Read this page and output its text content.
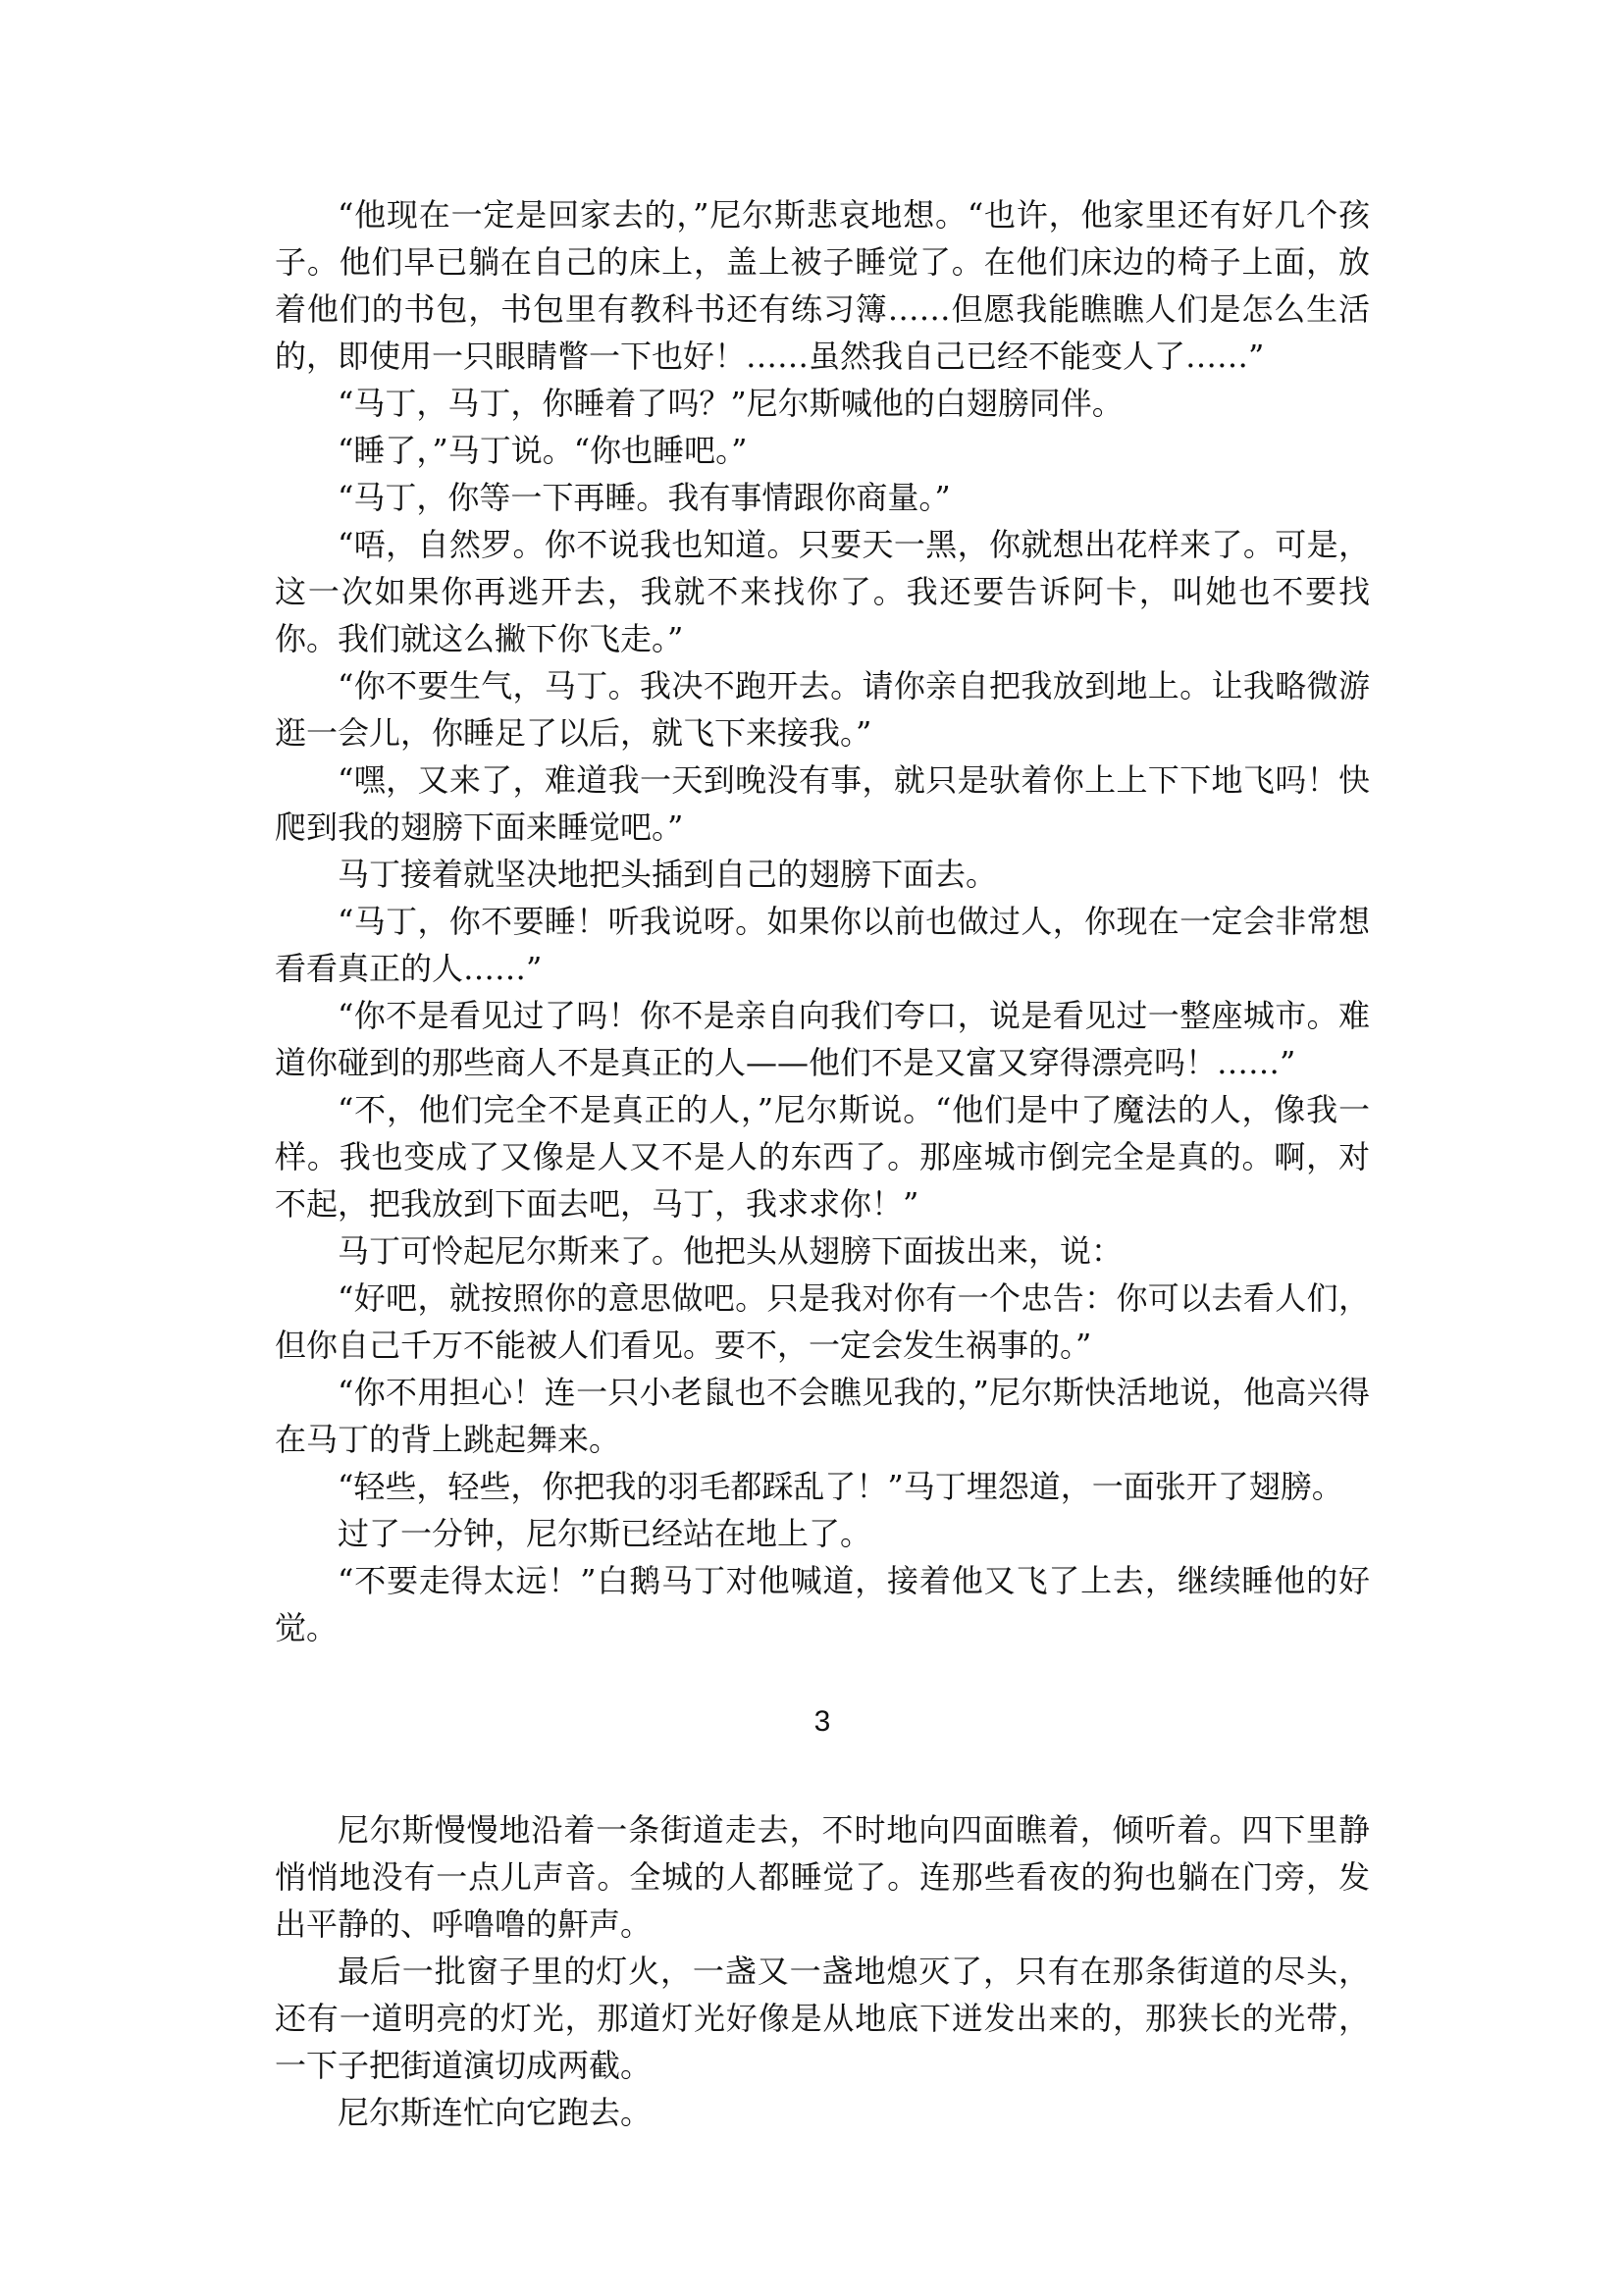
“他现在一定是回家去的，”尼尔斯悲哀地想。“也许，他家里还有好几个孩子。他们早已躺在自己的床上，盖上被子睡觉了。在他们床边的椅子上面，放着他们的书包，书包里有教科书还有练习簿……但愿我能瞧瞧人们是怎么生活的，即使用一只眼睛瞥一下也好！……虽然我自己已经不能变人了……”

“马丁，马丁，你睡着了吗？”尼尔斯喊他的白翅膀同伴。

“睡了，”马丁说。“你也睡吧。”

“马丁，你等一下再睡。我有事情跟你商量。”

“唔，自然罗。你不说我也知道。只要天一黑，你就想出花样来了。可是，这一次如果你再逃开去，我就不来找你了。我还要告诉阿卡，叫她也不要找你。我们就这么撇下你飞走。”

“你不要生气，马丁。我决不跑开去。请你亲自把我放到地上。让我略微游逛一会儿，你睡足了以后，就飞下来接我。”

“嘿，又来了，难道我一天到晚没有事，就只是驮着你上上下下地飞吗！快爬到我的翅膀下面来睡觉吧。”

马丁接着就坚决地把头插到自己的翅膀下面去。

“马丁，你不要睡！听我说呀。如果你以前也做过人，你现在一定会非常想看看真正的人……”

“你不是看见过了吗！你不是亲自向我们夸口，说是看见过一整座城市。难道你碰到的那些商人不是真正的人——他们不是又富又穿得漂亮吗！……”

“不，他们完全不是真正的人，”尼尔斯说。“他们是中了魔法的人，像我一样。我也变成了又像是人又不是人的东西了。那座城市倒完全是真的。啊，对不起，把我放到下面去吧，马丁，我求求你！”

马丁可怜起尼尔斯来了。他把头从翅膀下面拔出来，说：

“好吧，就按照你的意思做吧。只是我对你有一个忠告：你可以去看人们，但你自己千万不能被人们看见。要不，一定会发生祸事的。”

“你不用担心！连一只小老鼠也不会瞧见我的，”尼尔斯快活地说，他高兴得在马丁的背上跳起舞来。

“轻些，轻些，你把我的羽毛都踩乱了！”马丁埋怨道，一面张开了翅膀。

过了一分钟，尼尔斯已经站在地上了。

“不要走得太远！”白鹅马丁对他喊道，接着他又飞了上去，继续睡他的好觉。

3

尼尔斯慢慢地沿着一条街道走去，不时地向四面瞧着，倾听着。四下里静悄悄地没有一点儿声音。全城的人都睡觉了。连那些看夜的狗也躺在门旁，发出平静的、呼噜噜的鼾声。

最后一批窗子里的灯火，一盏又一盏地熄灭了，只有在那条街道的尽头，还有一道明亮的灯光，那道灯光好像是从地底下迸发出来的，那狭长的光带，一下子把街道演切成两截。

尼尔斯连忙向它跑去。
